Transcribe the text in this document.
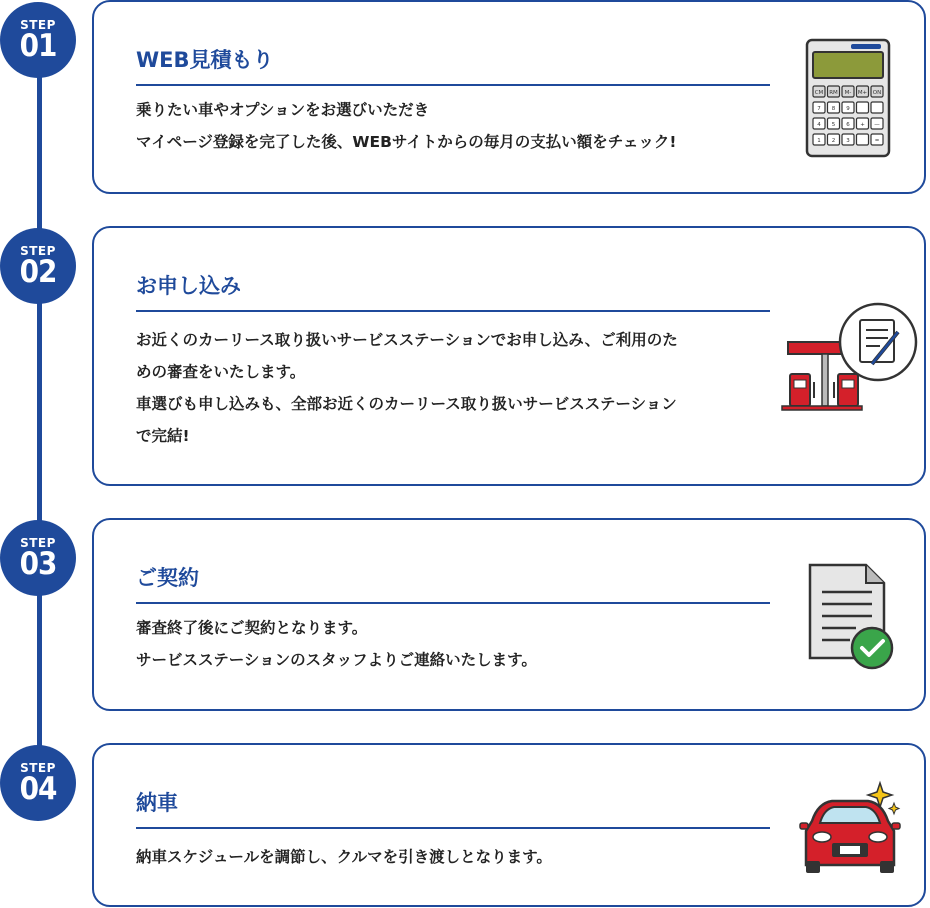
STEP
01	WEB見積もり
乗りたい車やオプションをお選びいただき
マイページ登録を完了した後、WEBサイトからの毎月の支払い額をチェック!
CM RM M- M+ ON
7 8 9
4 5 6 + —
1 2 3	=
STEP
02	お申し込み
お近くのカーリース取り扱いサービスステーションでお申し込み、ご利用のた
めの審査をいたします。
車選びも申し込みも、全部お近くのカーリース取り扱いサービスステーション
で完結!
STEP
03	ご契約
審査終了後にご契約となります。
サービスステーションのスタッフよりご連絡いたします。
STEP
04	納車
納車スケジュールを調節し、クルマを引き渡しとなります。
